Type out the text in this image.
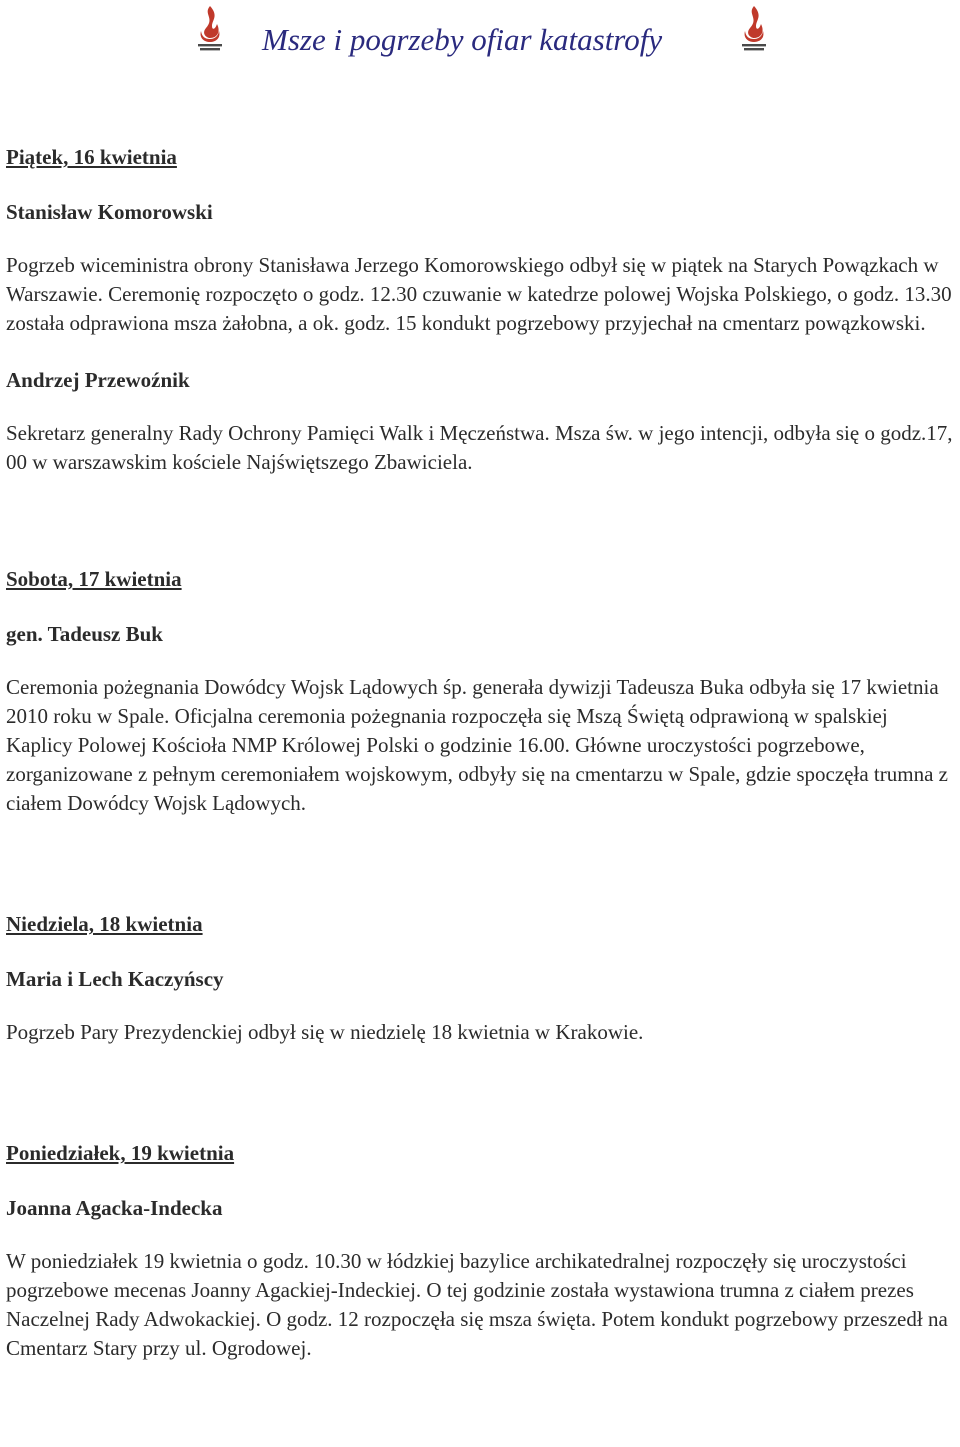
Msze i pogrzeby ofiar katastrofy
Piątek, 16 kwietnia
Stanisław Komorowski

Pogrzeb wiceministra obrony Stanisława Jerzego Komorowskiego odbył się w piątek na Starych Powązkach w Warszawie. Ceremonię rozpoczęto o godz. 12.30 czuwanie w katedrze polowej Wojska Polskiego, o godz. 13.30 została odprawiona msza żałobna, a ok. godz. 15 kondukt pogrzebowy przyjechał na cmentarz powązkowski.

Andrzej Przewoźnik

Sekretarz generalny Rady Ochrony Pamięci Walk i Męczeństwa. Msza św. w jego intencji, odbyła się o godz.17, 00 w warszawskim kościele Najświętszego Zbawiciela.

Sobota, 17 kwietnia
gen. Tadeusz Buk

Ceremonia pożegnania Dowódcy Wojsk Lądowych śp. generała dywizji Tadeusza Buka odbyła się 17 kwietnia 2010 roku w Spale. Oficjalna ceremonia pożegnania rozpoczęła się Mszą Świętą odprawioną w spalskiej Kaplicy Polowej Kościoła NMP Królowej Polski o godzinie 16.00. Główne uroczystości pogrzebowe, zorganizowane z pełnym ceremoniałem wojskowym, odbyły się na cmentarzu w Spale, gdzie spoczęła trumna z ciałem Dowódcy Wojsk Lądowych.

Niedziela, 18 kwietnia
Maria i Lech Kaczyńscy

Pogrzeb Pary Prezydenckiej odbył się w niedzielę 18 kwietnia w Krakowie.

Poniedziałek, 19 kwietnia
Joanna Agacka-Indecka

W poniedziałek 19 kwietnia o godz. 10.30 w łódzkiej bazylice archikatedralnej rozpoczęły się uroczystości pogrzebowe mecenas Joanny Agackiej-Indeckiej. O tej godzinie została wystawiona trumna z ciałem prezes Naczelnej Rady Adwokackiej. O godz. 12 rozpoczęła się msza święta. Potem kondukt pogrzebowy przeszedł na Cmentarz Stary przy ul. Ogrodowej.
